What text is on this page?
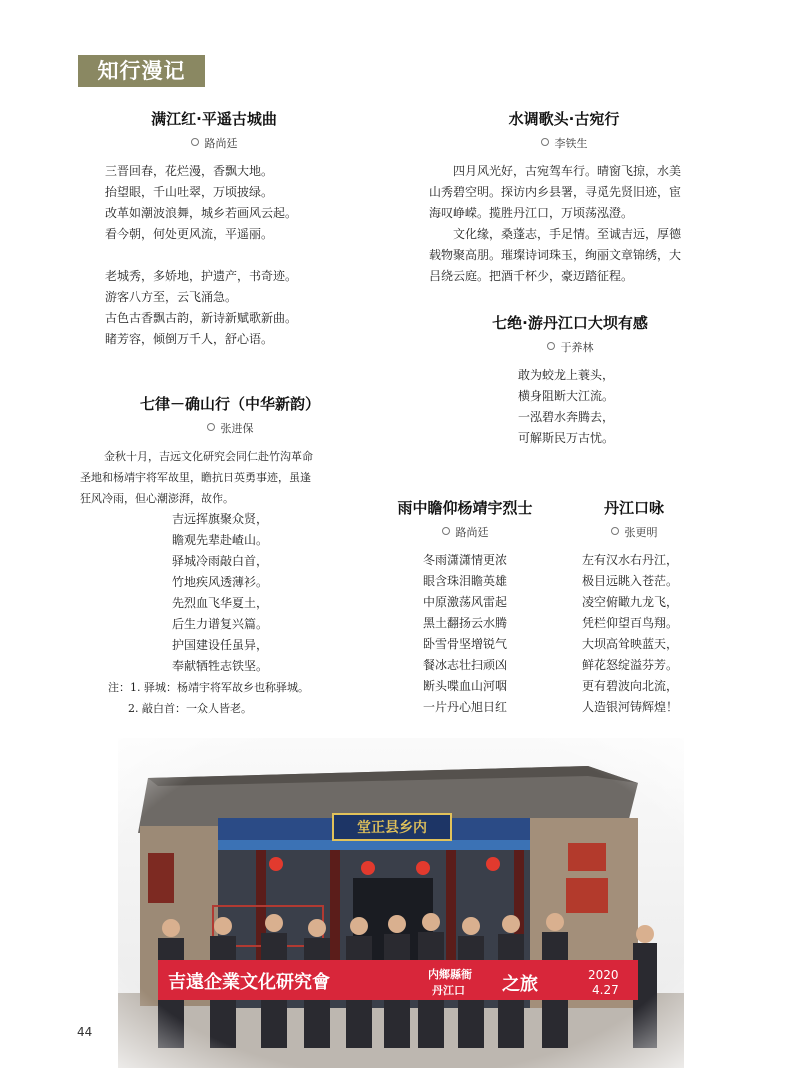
知行漫记
满江红·平遥古城曲
路尚廷
三晋回春，花烂漫，香飘大地。
抬望眼，千山吐翠，万顷披绿。
改革如潮波浪舞，城乡若画风云起。
看今朝，何处更风流，平遥丽。
老城秀，多娇地，护遗产，书奇迹。
游客八方至，云飞涌急。
古色古香飘古韵，新诗新赋歌新曲。
睹芳容，倾倒万千人，舒心语。
水调歌头·古宛行
李铁生
四月风光好，古宛驾车行。晴窗飞掠，水美
山秀碧空明。探访内乡县署，寻觅先贤旧迹，宦
海叹峥嵘。揽胜丹江口，万顷荡泓澄。
文化缘，桑蓬志，手足情。至诚吉远，厚德
载物聚高朋。璀璨诗词珠玉，绚丽文章锦绣，大
吕绕云庭。把酒千杯少，豪迈踏征程。
七绝·游丹江口大坝有感
于养林
敢为蛟龙上蓑头，
横身阻断大江流。
一泓碧水奔腾去，
可解斯民万古忧。
七律－确山行（中华新韵）
张进保
金秋十月，吉远文化研究会同仁赴竹沟革命
圣地和杨靖宇将军故里，瞻抗日英勇事迹，虽逢
狂风冷雨，但心潮澎湃，故作。
吉远挥旗聚众贤，
瞻观先辈赴嵖山。
驿城冷雨敲白首，
竹地疾风透薄衫。
先烈血飞华夏土，
后生力谱复兴篇。
护国建设任虽异，
奉献牺牲志铁坚。
注：1. 驿城：杨靖宇将军故乡也称驿城。
2. 敲白首：一众人皆老。
雨中瞻仰杨靖宇烈士
路尚廷
冬雨潇潇情更浓
眼含珠泪瞻英雄
中原激荡风雷起
黑土翻扬云水腾
卧雪骨坚增锐气
餐冰志壮扫顽凶
断头喋血山河咽
一片丹心旭日红
丹江口咏
张更明
左有汉水右丹江，
极目远眺入苍茫。
凌空俯瞰九龙飞，
凭栏仰望百鸟翔。
大坝高耸映蓝天，
鲜花怒绽溢芬芳。
更有碧波向北流，
人造银河铸辉煌！
44
